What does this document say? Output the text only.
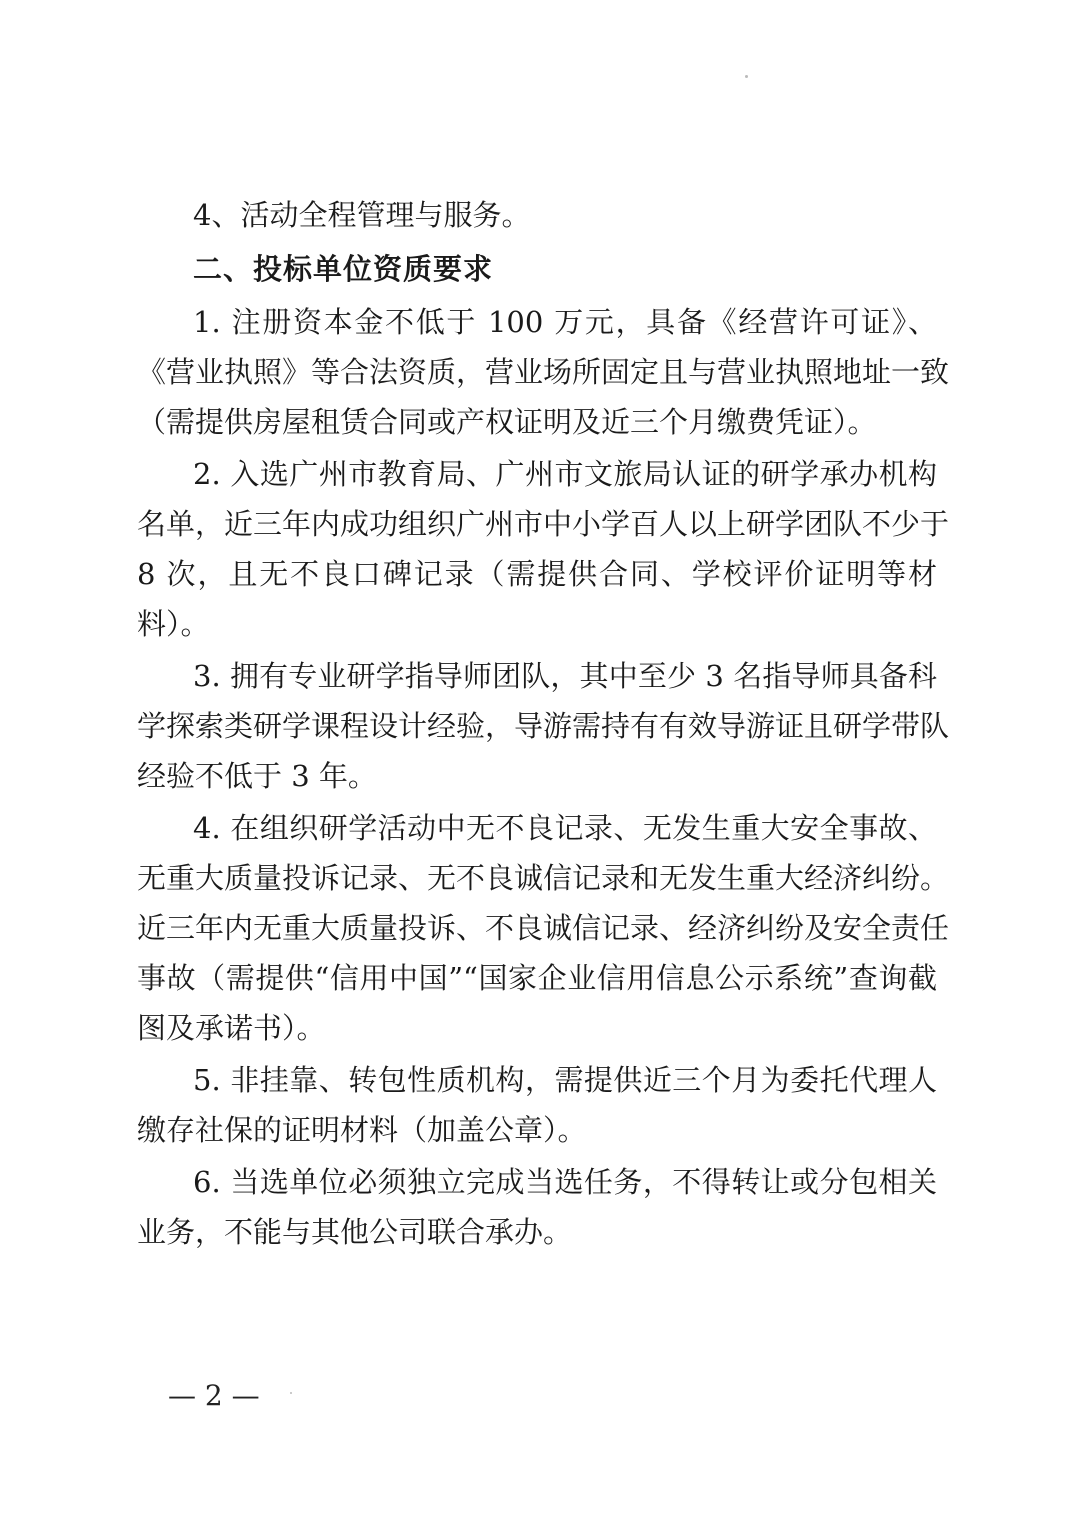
4、活动全程管理与服务。
二、投标单位资质要求
1. 注册资本金不低于 100 万元，具备《经营许可证》、
《营业执照》等合法资质，营业场所固定且与营业执照地址一致
（需提供房屋租赁合同或产权证明及近三个月缴费凭证）。
2. 入选广州市教育局、广州市文旅局认证的研学承办机构
名单，近三年内成功组织广州市中小学百人以上研学团队不少于
8 次，且无不良口碑记录（需提供合同、学校评价证明等材
料）。
3. 拥有专业研学指导师团队，其中至少 3 名指导师具备科
学探索类研学课程设计经验，导游需持有有效导游证且研学带队
经验不低于 3 年。
4. 在组织研学活动中无不良记录、无发生重大安全事故、
无重大质量投诉记录、无不良诚信记录和无发生重大经济纠纷。
近三年内无重大质量投诉、不良诚信记录、经济纠纷及安全责任
事故（需提供“信用中国”“国家企业信用信息公示系统”查询截
图及承诺书）。
5. 非挂靠、转包性质机构，需提供近三个月为委托代理人
缴存社保的证明材料（加盖公章）。
6. 当选单位必须独立完成当选任务，不得转让或分包相关
业务，不能与其他公司联合承办。
— 2 —
